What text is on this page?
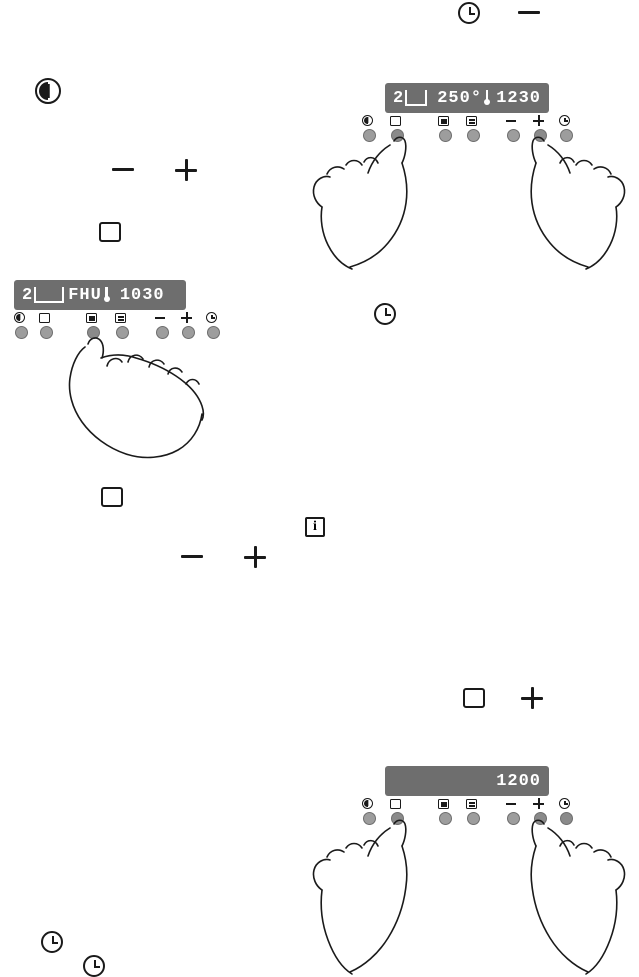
2 FHU 1030
i
2 250° 1230
1200
